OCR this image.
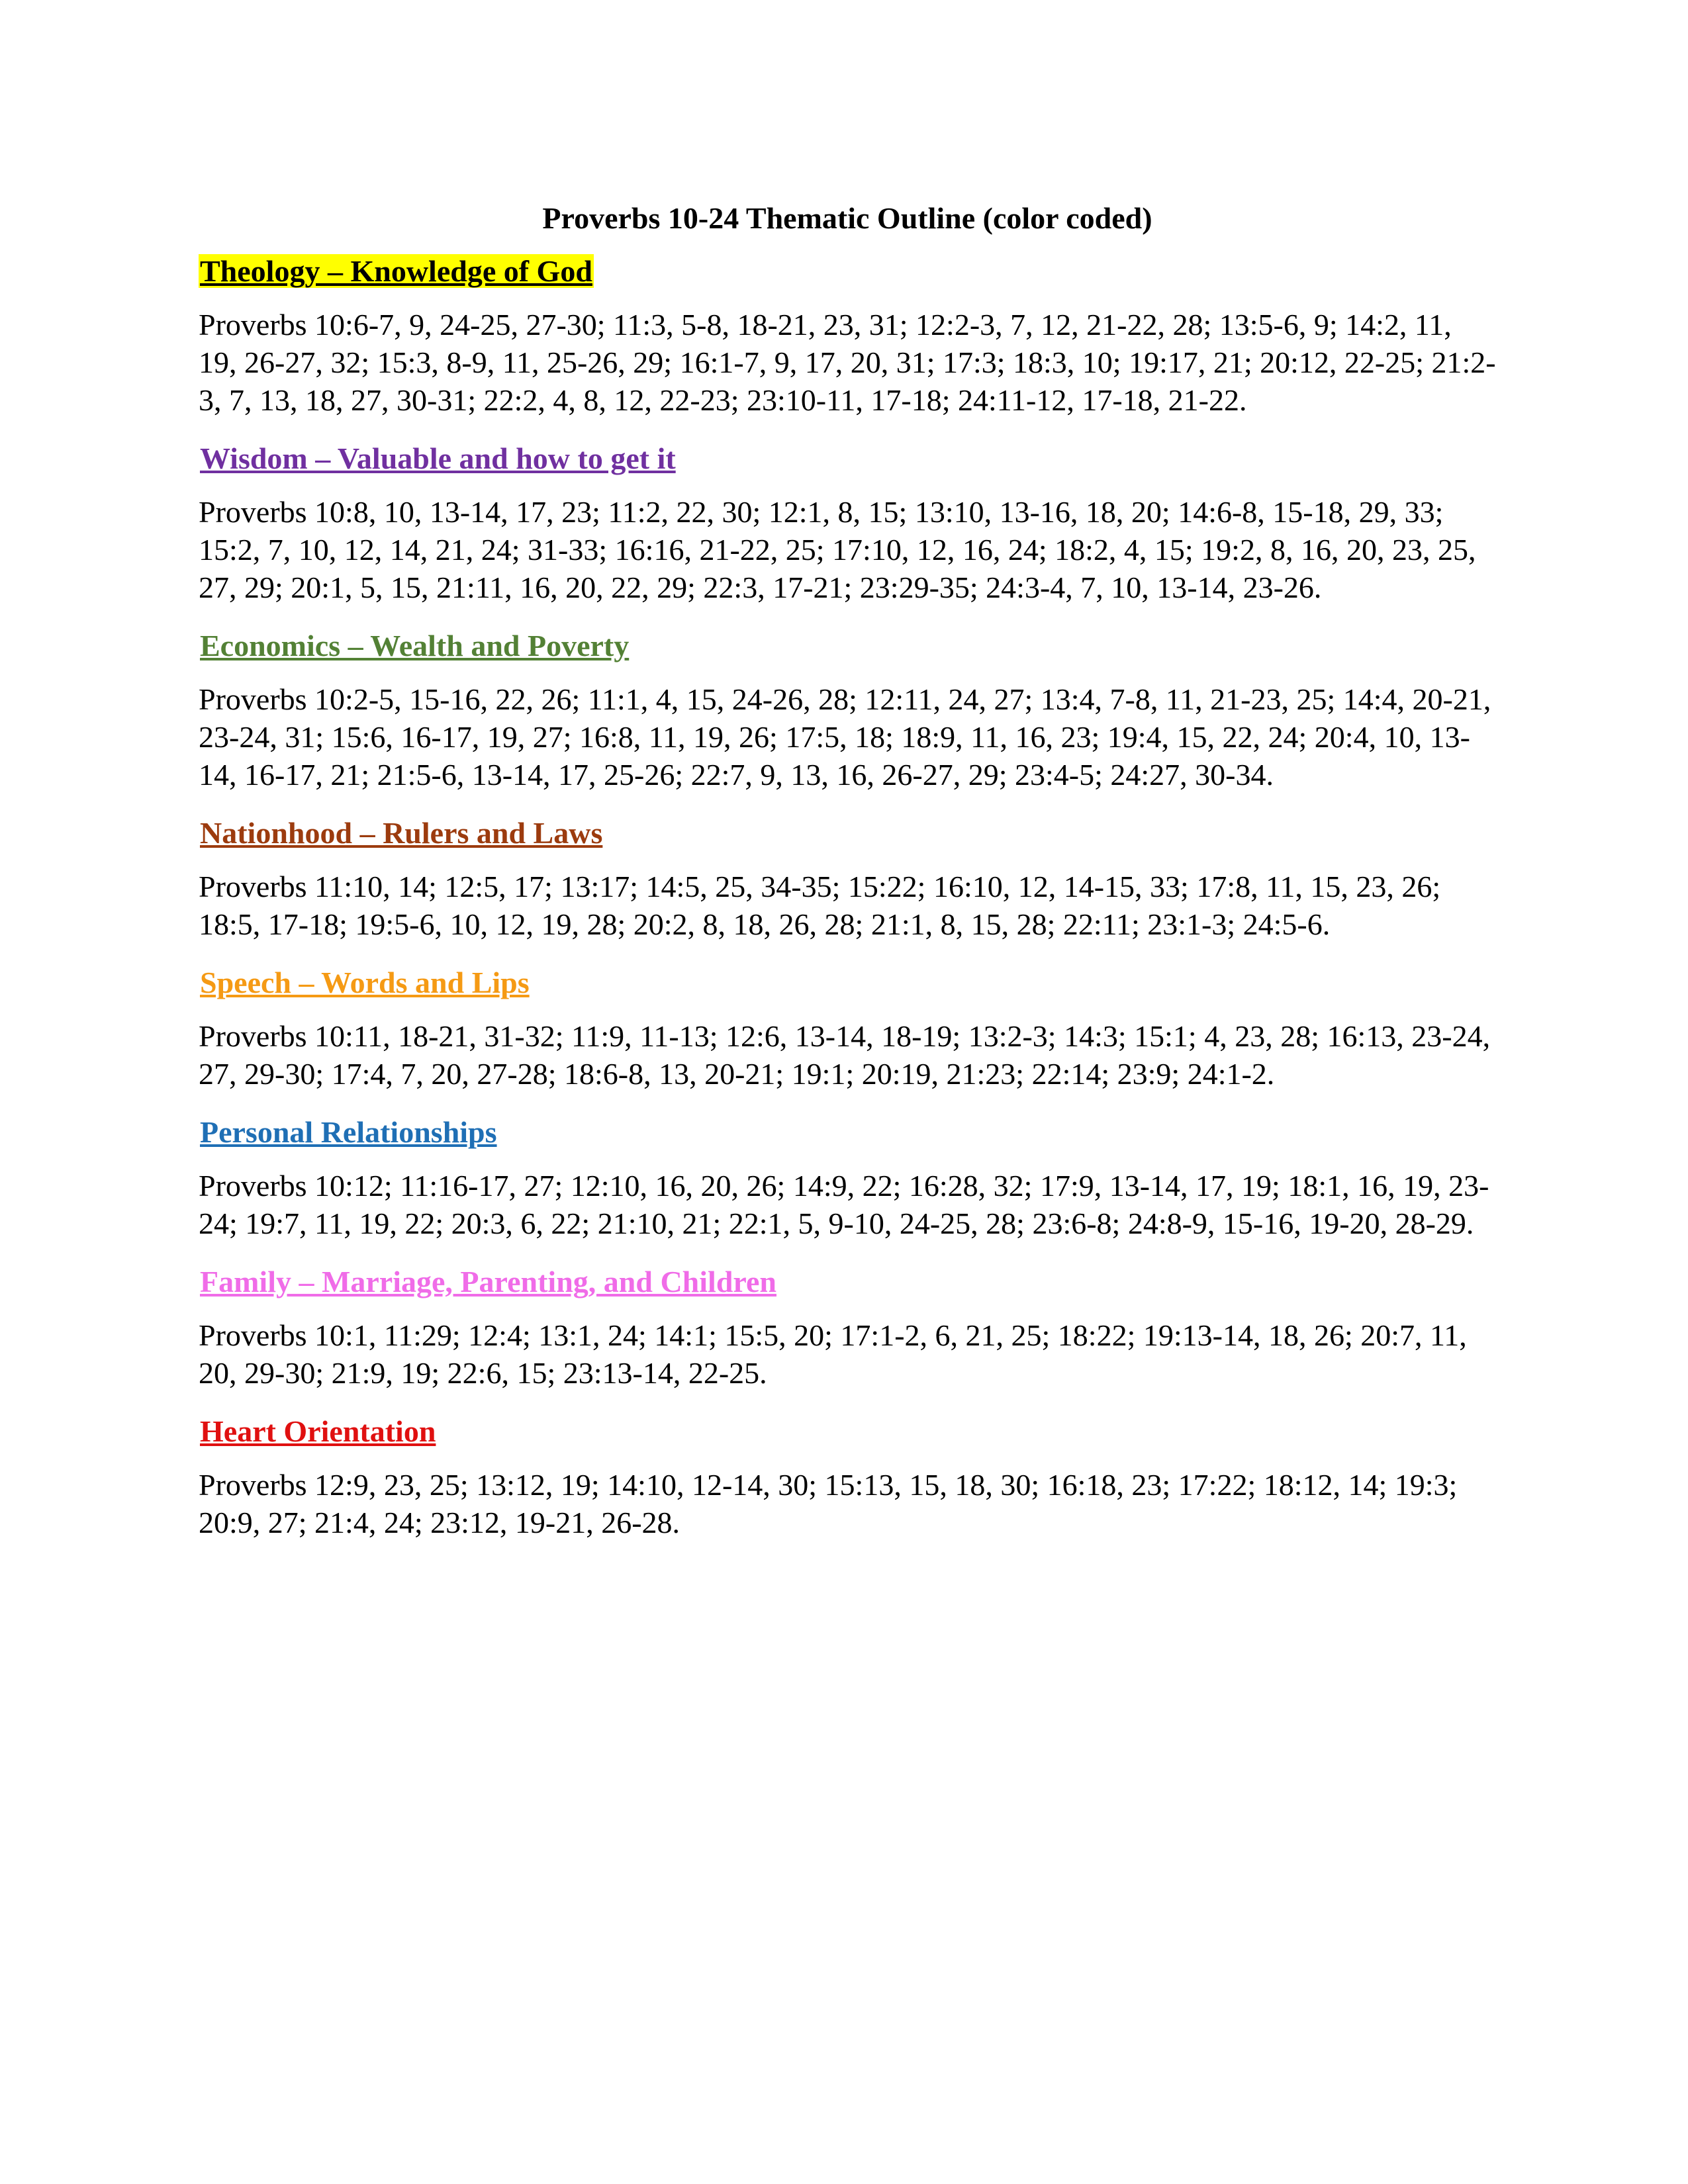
Proverbs 10-24 Thematic Outline (color coded)
Theology – Knowledge of God

Proverbs 10:6-7, 9, 24-25, 27-30; 11:3, 5-8, 18-21, 23, 31; 12:2-3, 7, 12, 21-22, 28; 13:5-6, 9; 14:2, 11, 19, 26-27, 32; 15:3, 8-9, 11, 25-26, 29; 16:1-7, 9, 17, 20, 31; 17:3; 18:3, 10; 19:17, 21; 20:12, 22-25; 21:2-3, 7, 13, 18, 27, 30-31; 22:2, 4, 8, 12, 22-23; 23:10-11, 17-18; 24:11-12, 17-18, 21-22.

Wisdom – Valuable and how to get it

Proverbs 10:8, 10, 13-14, 17, 23; 11:2, 22, 30; 12:1, 8, 15; 13:10, 13-16, 18, 20; 14:6-8, 15-18, 29, 33; 15:2, 7, 10, 12, 14, 21, 24; 31-33; 16:16, 21-22, 25; 17:10, 12, 16, 24; 18:2, 4, 15; 19:2, 8, 16, 20, 23, 25, 27, 29; 20:1, 5, 15, 21:11, 16, 20, 22, 29; 22:3, 17-21; 23:29-35; 24:3-4, 7, 10, 13-14, 23-26.

Economics – Wealth and Poverty

Proverbs 10:2-5, 15-16, 22, 26; 11:1, 4, 15, 24-26, 28; 12:11, 24, 27; 13:4, 7-8, 11, 21-23, 25; 14:4, 20-21, 23-24, 31; 15:6, 16-17, 19, 27; 16:8, 11, 19, 26; 17:5, 18; 18:9, 11, 16, 23; 19:4, 15, 22, 24; 20:4, 10, 13-14, 16-17, 21; 21:5-6, 13-14, 17, 25-26; 22:7, 9, 13, 16, 26-27, 29; 23:4-5; 24:27, 30-34.

Nationhood – Rulers and Laws

Proverbs 11:10, 14; 12:5, 17; 13:17; 14:5, 25, 34-35; 15:22; 16:10, 12, 14-15, 33; 17:8, 11, 15, 23, 26; 18:5, 17-18; 19:5-6, 10, 12, 19, 28; 20:2, 8, 18, 26, 28; 21:1, 8, 15, 28; 22:11; 23:1-3; 24:5-6.

Speech – Words and Lips

Proverbs 10:11, 18-21, 31-32; 11:9, 11-13; 12:6, 13-14, 18-19; 13:2-3; 14:3; 15:1; 4, 23, 28; 16:13, 23-24, 27, 29-30; 17:4, 7, 20, 27-28; 18:6-8, 13, 20-21; 19:1; 20:19, 21:23; 22:14; 23:9; 24:1-2.

Personal Relationships

Proverbs 10:12; 11:16-17, 27; 12:10, 16, 20, 26; 14:9, 22; 16:28, 32; 17:9, 13-14, 17, 19; 18:1, 16, 19, 23-24; 19:7, 11, 19, 22; 20:3, 6, 22; 21:10, 21; 22:1, 5, 9-10, 24-25, 28; 23:6-8; 24:8-9, 15-16, 19-20, 28-29.

Family – Marriage, Parenting, and Children

Proverbs 10:1, 11:29; 12:4; 13:1, 24; 14:1; 15:5, 20; 17:1-2, 6, 21, 25; 18:22; 19:13-14, 18, 26; 20:7, 11, 20, 29-30; 21:9, 19; 22:6, 15; 23:13-14, 22-25.

Heart Orientation

Proverbs 12:9, 23, 25; 13:12, 19; 14:10, 12-14, 30; 15:13, 15, 18, 30; 16:18, 23; 17:22; 18:12, 14; 19:3; 20:9, 27; 21:4, 24; 23:12, 19-21, 26-28.
